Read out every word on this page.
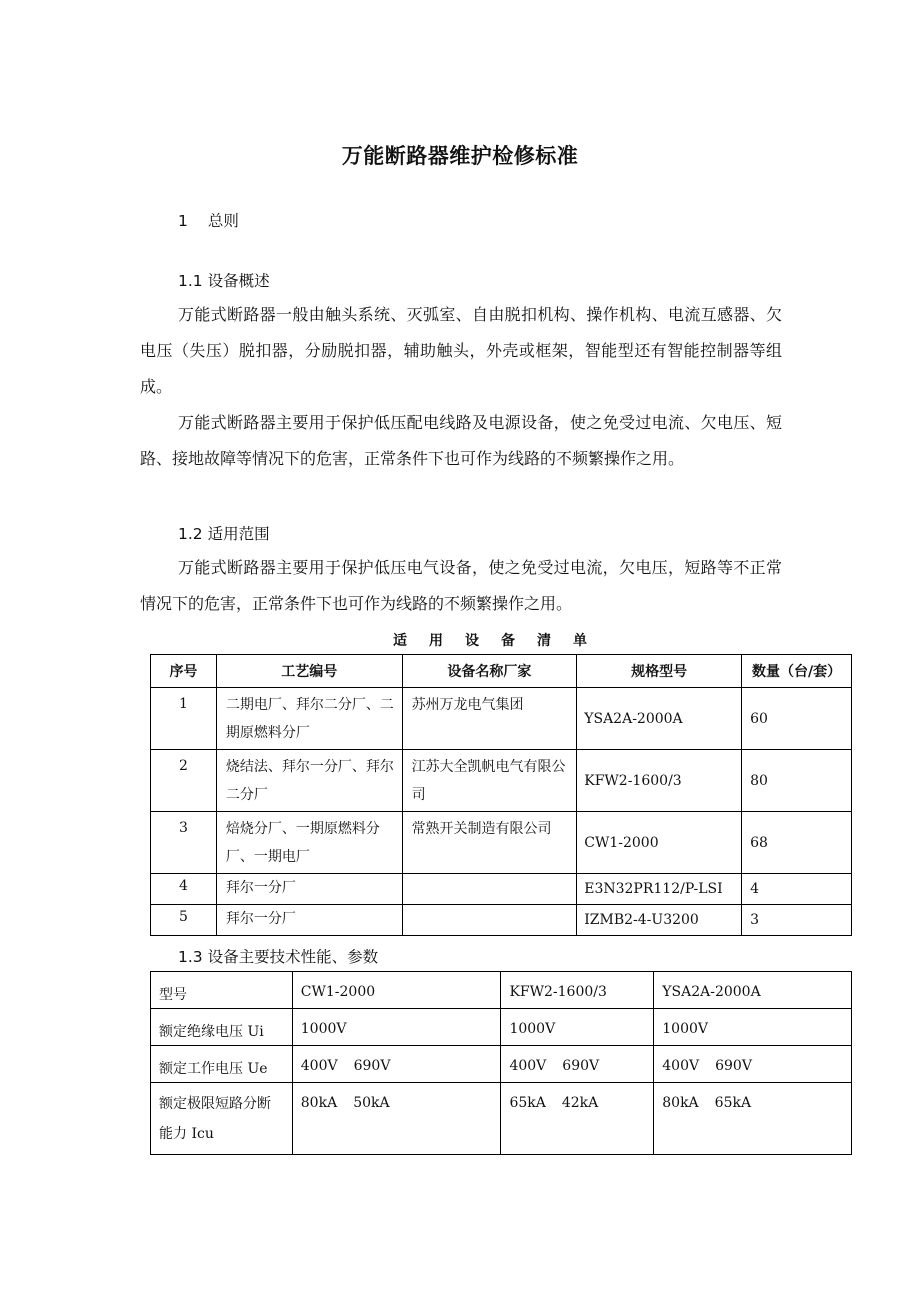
万能断路器维护检修标准
1 总则
1.1 设备概述

万能式断路器一般由触头系统、灭弧室、自由脱扣机构、操作机构、电流互感器、欠电压（失压）脱扣器，分励脱扣器，辅助触头，外壳或框架，智能型还有智能控制器等组成。

万能式断路器主要用于保护低压配电线路及电源设备，使之免受过电流、欠电压、短路、接地故障等情况下的危害，正常条件下也可作为线路的不频繁操作之用。

1.2 适用范围

万能式断路器主要用于保护低压电气设备，使之免受过电流，欠电压，短路等不正常情况下的危害，正常条件下也可作为线路的不频繁操作之用。

适用设备清单
序号	工艺编号	设备名称厂家	规格型号	数量（台/套）
1	二期电厂、拜尔二分厂、二期原燃料分厂	苏州万龙电气集团	YSA2A-2000A	60
2	烧结法、拜尔一分厂、拜尔二分厂	江苏大全凯帆电气有限公司	KFW2-1600/3	80
3	焙烧分厂、一期原燃料分厂、一期电厂	常熟开关制造有限公司	CW1-2000	68
4	拜尔一分厂		E3N32PR112/P-LSI	4
5	拜尔一分厂		IZMB2-4-U3200	3
1.3 设备主要技术性能、参数
型号	CW1-2000	KFW2-1600/3	YSA2A-2000A
额定绝缘电压 Ui	1000V	1000V	1000V
额定工作电压 Ue	400V 690V	400V 690V	400V 690V
额定极限短路分断能力 Icu	80kA 50kA	65kA 42kA	80kA 65kA
